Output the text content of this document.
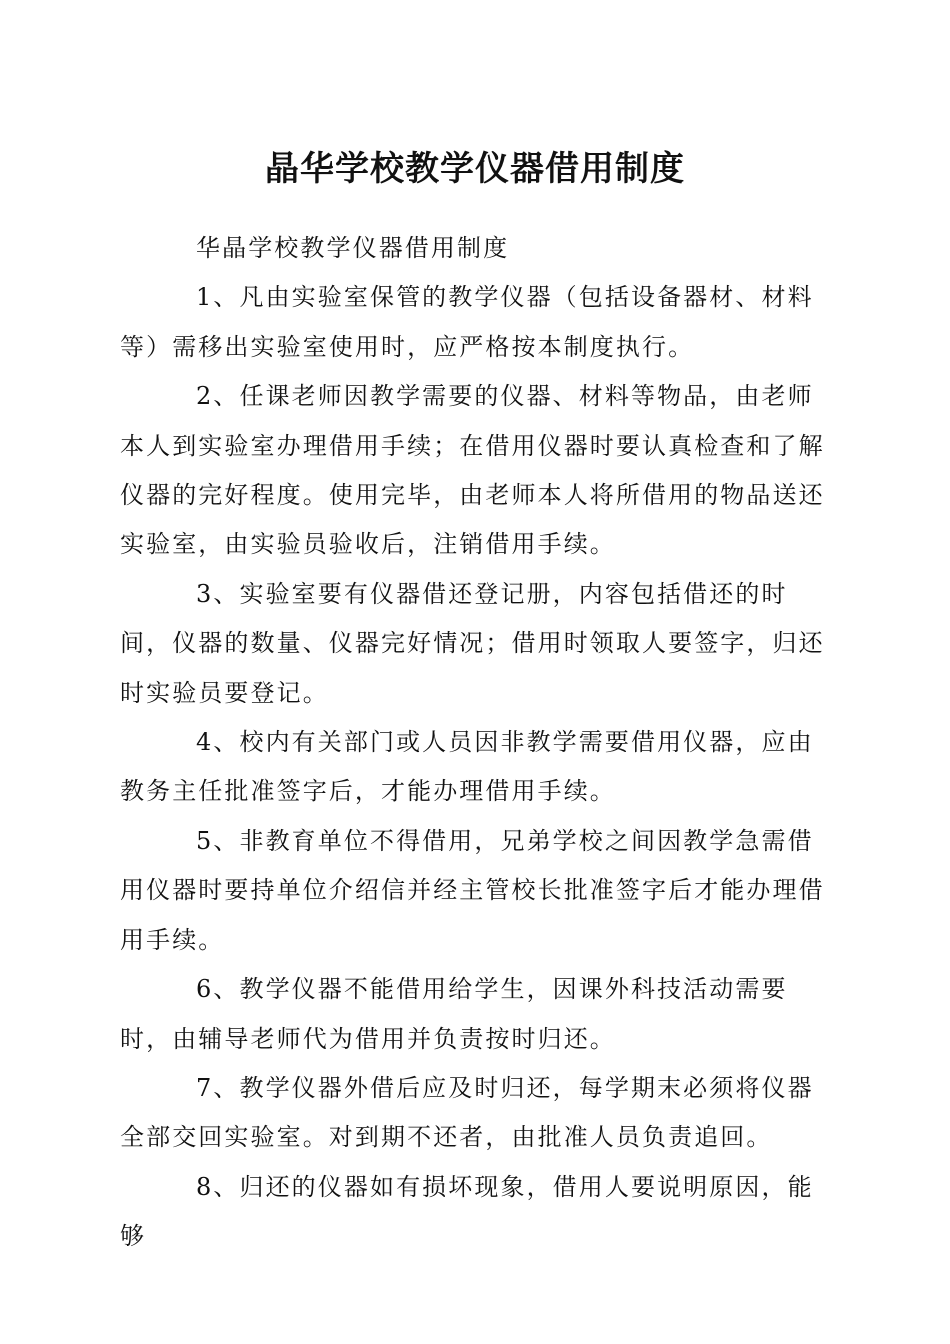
晶华学校教学仪器借用制度

华晶学校教学仪器借用制度

1、凡由实验室保管的教学仪器（包括设备器材、材料等）需移出实验室使用时，应严格按本制度执行。

2、任课老师因教学需要的仪器、材料等物品，由老师本人到实验室办理借用手续；在借用仪器时要认真检查和了解仪器的完好程度。使用完毕，由老师本人将所借用的物品送还实验室，由实验员验收后，注销借用手续。

3、实验室要有仪器借还登记册，内容包括借还的时间，仪器的数量、仪器完好情况；借用时领取人要签字，归还时实验员要登记。

4、校内有关部门或人员因非教学需要借用仪器，应由教务主任批准签字后，才能办理借用手续。

5、非教育单位不得借用，兄弟学校之间因教学急需借用仪器时要持单位介绍信并经主管校长批准签字后才能办理借用手续。

6、教学仪器不能借用给学生，因课外科技活动需要时，由辅导老师代为借用并负责按时归还。

7、教学仪器外借后应及时归还，每学期末必须将仪器全部交回实验室。对到期不还者，由批准人员负责追回。

8、归还的仪器如有损坏现象，借用人要说明原因，能够
